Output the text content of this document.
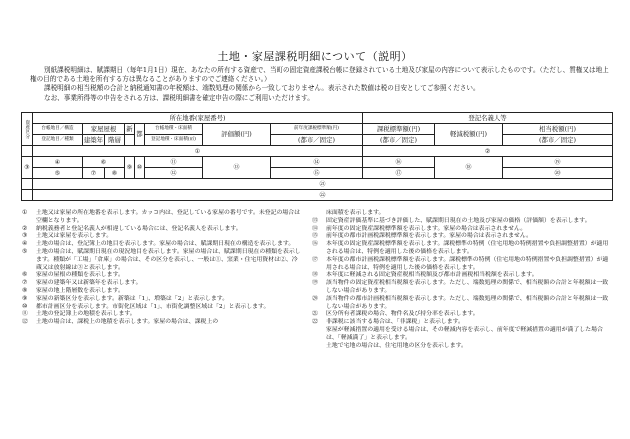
土地・家屋課税明細について（説明）

別紙課税明細は、賦課期日（毎年1月1日）現在、あなたの所有する資産で、当町の固定資産課税台帳に登録されている土地及び家屋の内容について表示したものです。（ただし、質権又は地上権の目的である土地を所有する方は異なることがありますのでご連絡ください。）

課税明細の相当税額の合計と納税通知書の年税額は、端数処理の関係から一致しておりません。表示された数値は税の目安としてご参照ください。

なお、事業所得等の申告をされる方は、課税明細書を確定申告の際にご利用いただけます。

資産区分	所在地番(家屋番号)								登記名義人等		
	台帳地目／構造	家屋屋根		新	都	台帳地積・床面積	評価額(円)	前年度課税標準額(円)	課税標準額(円)	軽減税額(円)	相当税額(円)
	登記地目／種類	建築年	階層			登記地積・床面積(㎡)		(都市／固定)	(都市／固定)		(都市／固定)
	①								②		
③	④	⑥		⑨	⑩	⑪	⑬	⑭	⑯	⑱	⑲
	⑤	⑦	⑧			⑫		⑮	⑰		⑳
	㉑										
	㉒										
①	土地又は家屋の所在地番を表示します。カッコ内は、登記している家屋の番号です。未登記の場合は空欄となります。
②	納税義務者と登記名義人が相違している場合には、登記名義人を表示します。
③	土地又は家屋を表示します。
④	土地の場合は、登記簿上の地目を表示します。家屋の場合は、賦課期日現在の構造を表示します。
⑤	土地の場合は、賦課期日現在の現況地目を表示します。家屋の場合は、賦課期日現在の種類を表示します。種類が「工場」「倉庫」の場合は、その区分を表示し、一般は①、窯業・住宅用資材は②、冷蔵又は放射線は③と表示します。
⑥	家屋の屋根の種類を表示します。
⑦	家屋の建築年又は新築年を表示します。
⑧	家屋の地上階層数を表示します。
⑨	家屋の新築区分を表示します。新築は「1」、増築は「2」と表示します。
⑩	都市計画区分を表示します。市街化区域は「1」、市街化調整区域は「2」と表示します。
⑪	土地の登記簿上の地積を表示します。
⑫	土地の場合は、課税上の地積を表示します。家屋の場合は、課税上の
床面積を表示します。
⑬	固定資産評価基準に基づき評価した、賦課期日現在の土地及び家屋の価格（評価額）を表示します。
⑭	前年度の固定資産課税標準額を表示します。家屋の場合は表示されません。
⑮	前年度の都市計画税課税標準額を表示します。家屋の場合は表示されません。
⑯	本年度の固定資産課税標準額を表示します。課税標準の特例（住宅用地の特例措置や負担調整措置）が適用される場合は、特例を適用した後の価格を表示します。
⑰	本年度の都市計画税課税標準額を表示します。課税標準の特例（住宅用地の特例措置や負担調整措置）が適用される場合は、特例を適用した後の価格を表示します。
⑱	本年度に軽減される固定資産税相当税額及び都市計画税相当税額を表示します。
⑲	該当物件の固定資産税相当税額を表示します。ただし、端数処理の関係で、相当税額の合計と年税額は一致しない場合があります。
⑳	該当物件の都市計画税相当税額を表示します。ただし、端数処理の関係で、相当税額の合計と年税額は一致しない場合があります。
㉑	区分所有者課税の場合、物件名及び持分率を表示します。
㉒	非課税に該当する場合は、「非課税」と表示します。
家屋が軽減措置の適用を受ける場合は、その軽減内容を表示し、前年度で軽減措置の適用が満了した場合は、「軽減満了」と表示します。
土地で宅地の場合は、住宅用地の区分を表示します。
